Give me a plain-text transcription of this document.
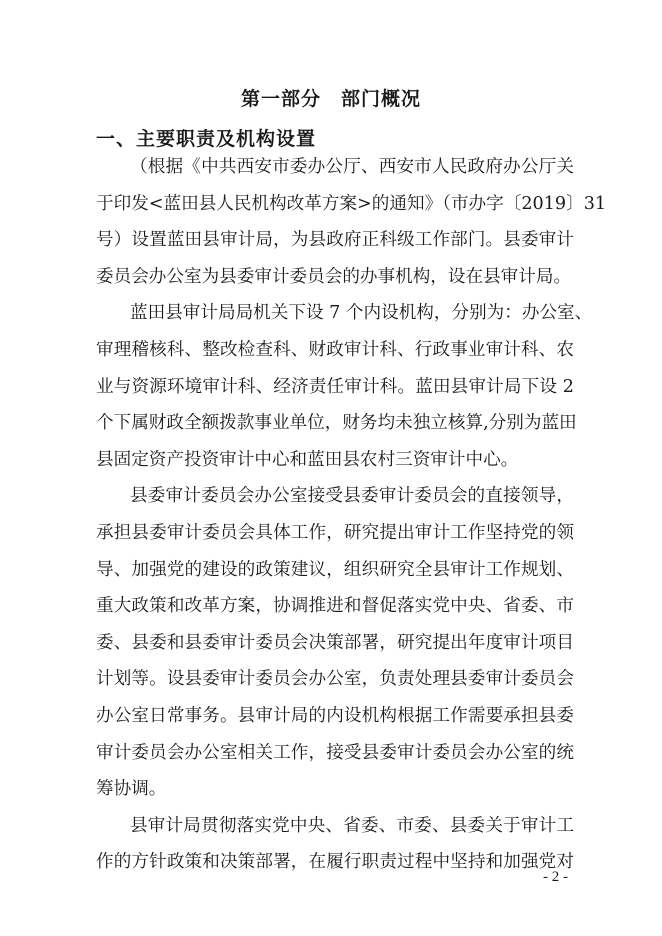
第一部分　部门概况
一、主要职责及机构设置
（根据《中共西安市委办公厅、西安市人民政府办公厅关
于印发<蓝田县人民机构改革方案>的通知》（市办字〔2019〕31
号）设置蓝田县审计局，为县政府正科级工作部门。县委审计
委员会办公室为县委审计委员会的办事机构，设在县审计局。
蓝田县审计局局机关下设 7 个内设机构，分别为：办公室、
审理稽核科、整改检查科、财政审计科、行政事业审计科、农
业与资源环境审计科、经济责任审计科。蓝田县审计局下设 2
个下属财政全额拨款事业单位，财务均未独立核算,分别为蓝田
县固定资产投资审计中心和蓝田县农村三资审计中心。
县委审计委员会办公室接受县委审计委员会的直接领导，
承担县委审计委员会具体工作，研究提出审计工作坚持党的领
导、加强党的建设的政策建议，组织研究全县审计工作规划、
重大政策和改革方案，协调推进和督促落实党中央、省委、市
委、县委和县委审计委员会决策部署，研究提出年度审计项目
计划等。设县委审计委员会办公室，负责处理县委审计委员会
办公室日常事务。县审计局的内设机构根据工作需要承担县委
审计委员会办公室相关工作，接受县委审计委员会办公室的统
筹协调。
县审计局贯彻落实党中央、省委、市委、县委关于审计工
作的方针政策和决策部署，在履行职责过程中坚持和加强党对
- 2 -
